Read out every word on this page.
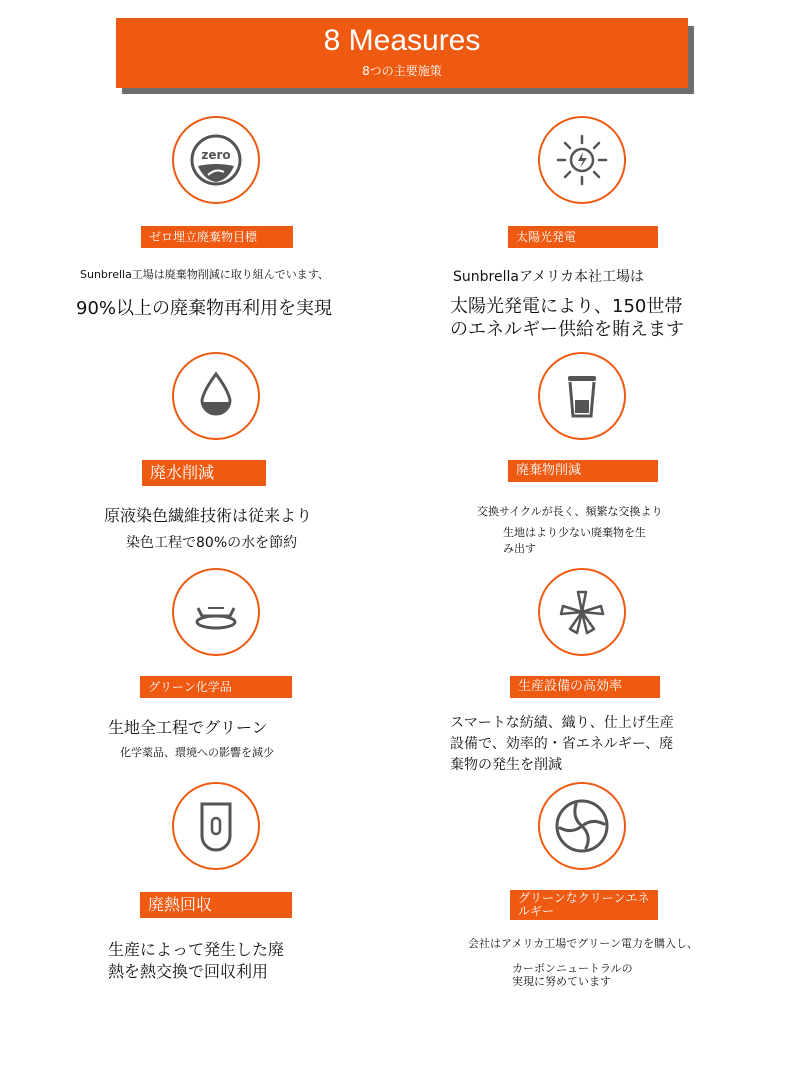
8 Measures
8つの主要施策
zero
ゼロ埋立廃棄物目標
Sunbrella工場は廃棄物削減に取り組んでいます、
90%以上の廃棄物再利用を実現
太陽光発電
Sunbrellaアメリカ本社工場は
太陽光発電により、150世帯
のエネルギー供給を賄えます
廃水削減
原液染色繊維技術は従来より
染色工程で80%の水を節約
廃棄物削減
交換サイクルが長く、頻繁な交換より
生地はより少ない廃棄物を生
み出す
グリーン化学品
生地全工程でグリーン
化学薬品、環境への影響を減少
生産設備の高効率
スマートな紡績、織り、仕上げ生産
設備で、効率的・省エネルギー、廃
棄物の発生を削減
廃熱回収
生産によって発生した廃
熱を熱交換で回収利用
グリーンなクリーンエネルギー
会社はアメリカ工場でグリーン電力を購入し、
カーボンニュートラルの
実現に努めています
